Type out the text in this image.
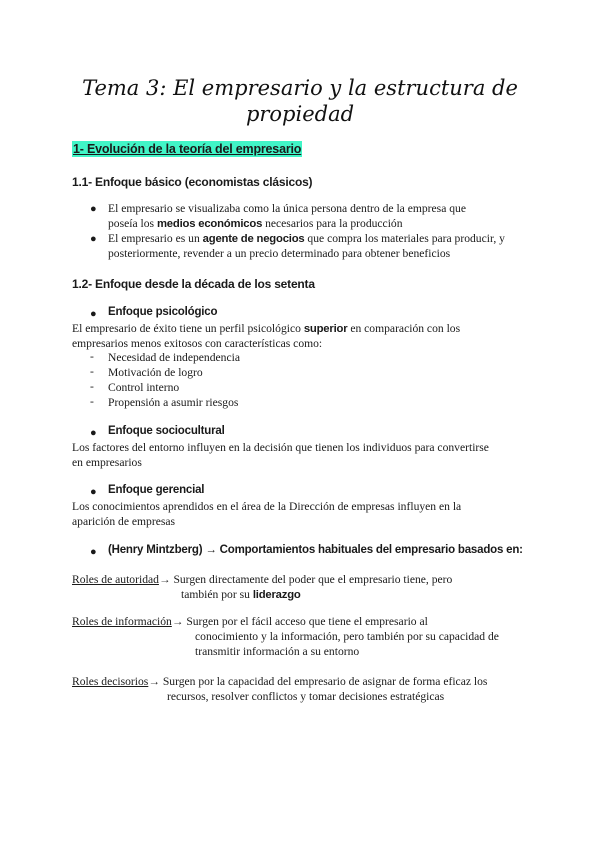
Tema 3: El empresario y la estructura de
propiedad
1- Evolución de la teoría del empresario
1.1- Enfoque básico (economistas clásicos)
● El empresario se visualizaba como la única persona dentro de la empresa que
poseía los medios económicos necesarios para la producción
● El empresario es un agente de negocios que compra los materiales para producir, y
posteriormente, revender a un precio determinado para obtener beneficios
1.2- Enfoque desde la década de los setenta
● Enfoque psicológico
El empresario de éxito tiene un perfil psicológico superior en comparación con los
empresarios menos exitosos con características como:
- Necesidad de independencia
- Motivación de logro
- Control interno
- Propensión a asumir riesgos
● Enfoque sociocultural
Los factores del entorno influyen en la decisión que tienen los individuos para convertirse
en empresarios
● Enfoque gerencial
Los conocimientos aprendidos en el área de la Dirección de empresas influyen en la
aparición de empresas
● (Henry Mintzberg) → Comportamientos habituales del empresario basados en:
Roles de autoridad→ Surgen directamente del poder que el empresario tiene, pero
también por su liderazgo
Roles de información→ Surgen por el fácil acceso que tiene el empresario al
conocimiento y la información, pero también por su capacidad de
transmitir información a su entorno
Roles decisorios→ Surgen por la capacidad del empresario de asignar de forma eficaz los
recursos, resolver conflictos y tomar decisiones estratégicas
